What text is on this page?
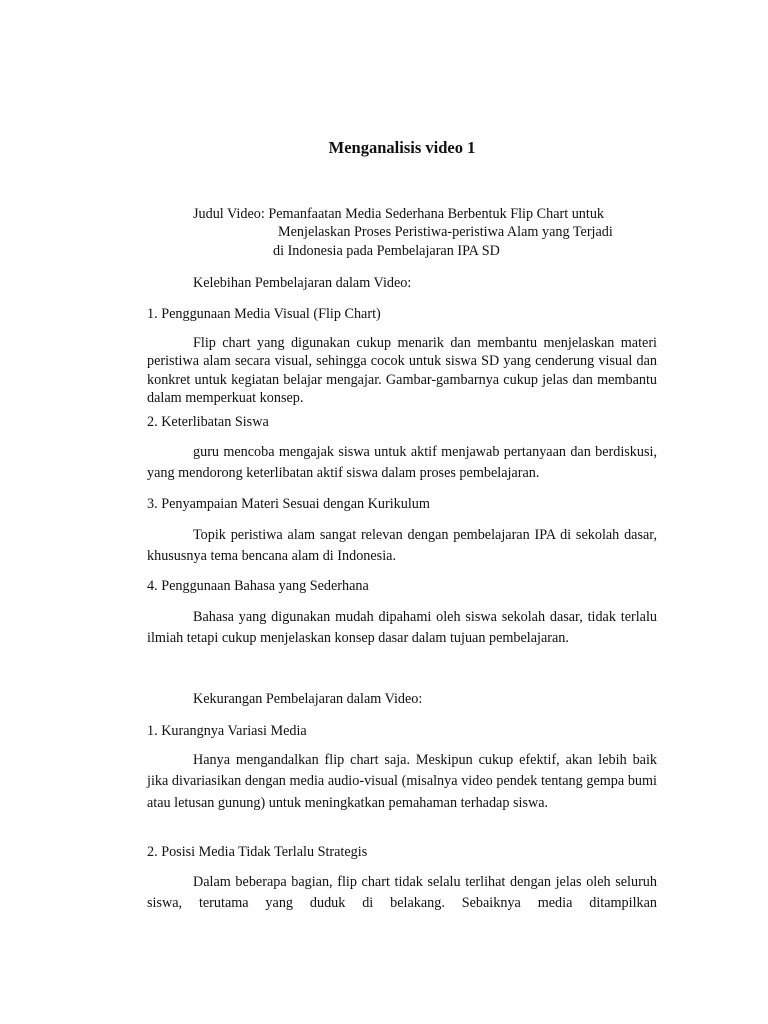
Menganalisis video 1

Judul Video: Pemanfaatan Media Sederhana Berbentuk Flip Chart untuk

Menjelaskan Proses Peristiwa-peristiwa Alam yang Terjadi

di Indonesia pada Pembelajaran IPA SD

Kelebihan Pembelajaran dalam Video:

1. Penggunaan Media Visual (Flip Chart)

Flip chart yang digunakan cukup menarik dan membantu menjelaskan materi peristiwa alam secara visual, sehingga cocok untuk siswa SD yang cenderung visual dan konkret untuk kegiatan belajar mengajar. Gambar-gambarnya cukup jelas dan membantu dalam memperkuat konsep.

2. Keterlibatan Siswa

guru mencoba mengajak siswa untuk aktif menjawab pertanyaan dan berdiskusi, yang mendorong keterlibatan aktif siswa dalam proses pembelajaran.

3. Penyampaian Materi Sesuai dengan Kurikulum

Topik peristiwa alam sangat relevan dengan pembelajaran IPA di sekolah dasar, khususnya tema bencana alam di Indonesia.

4. Penggunaan Bahasa yang Sederhana

Bahasa yang digunakan mudah dipahami oleh siswa sekolah dasar, tidak terlalu ilmiah tetapi cukup menjelaskan konsep dasar dalam tujuan pembelajaran.

Kekurangan Pembelajaran dalam Video:

1. Kurangnya Variasi Media

Hanya mengandalkan flip chart saja. Meskipun cukup efektif, akan lebih baik jika divariasikan dengan media audio-visual (misalnya video pendek tentang gempa bumi atau letusan gunung) untuk meningkatkan pemahaman terhadap siswa.

2. Posisi Media Tidak Terlalu Strategis

Dalam beberapa bagian, flip chart tidak selalu terlihat dengan jelas oleh seluruh siswa, terutama yang duduk di belakang. Sebaiknya media ditampilkan
